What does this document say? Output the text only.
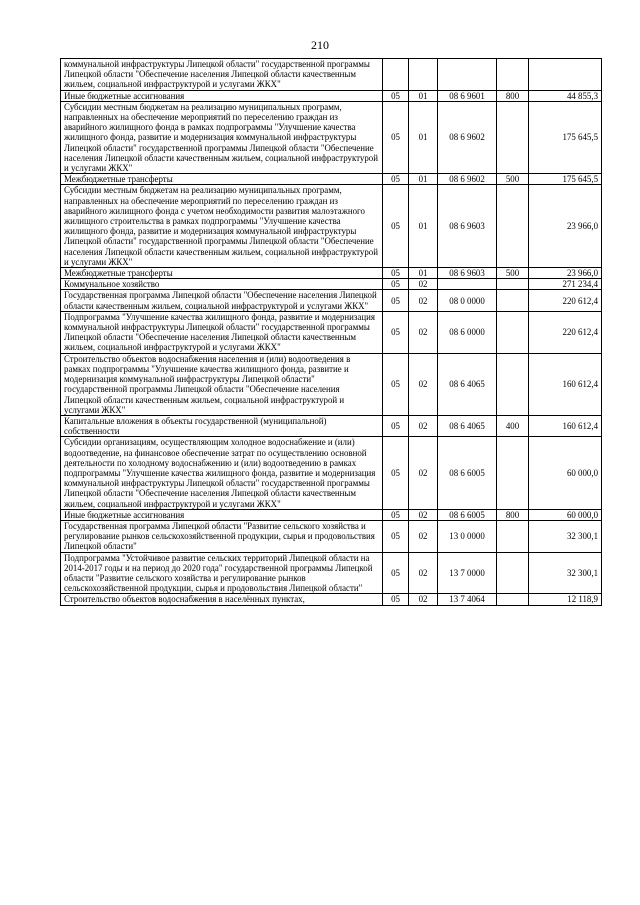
210
коммунальной инфраструктуры Липецкой области" государственной программы Липецкой области "Обеспечение населения Липецкой области качественным жильем, социальной инфраструктурой и услугами ЖКХ"					
Иные бюджетные ассигнования	05	01	08 6 9601	800	44 855,3
Субсидии местным бюджетам на реализацию муниципальных программ, направленных на обеспечение мероприятий по переселению граждан из аварийного жилищного фонда в рамках подпрограммы "Улучшение качества жилищного фонда, развитие и модернизация коммунальной инфраструктуры Липецкой области" государственной программы Липецкой области "Обеспечение населения Липецкой области качественным жильем, социальной инфраструктурой и услугами ЖКХ"	05	01	08 6 9602		175 645,5
Межбюджетные трансферты	05	01	08 6 9602	500	175 645,5
Субсидии местным бюджетам на реализацию муниципальных программ, направленных на обеспечение мероприятий по переселению граждан из аварийного жилищного фонда с учетом необходимости развития малоэтажного жилищного строительства в рамках подпрограммы "Улучшение качества жилищного фонда, развитие и модернизация коммунальной инфраструктуры Липецкой области" государственной программы Липецкой области "Обеспечение населения Липецкой области качественным жильем, социальной инфраструктурой и услугами ЖКХ"	05	01	08 6 9603		23 966,0
Межбюджетные трансферты	05	01	08 6 9603	500	23 966,0
Коммунальное хозяйство	05	02			271 234,4
Государственная программа Липецкой области "Обеспечение населения Липецкой области качественным жильем, социальной инфраструктурой и услугами ЖКХ"	05	02	08 0 0000		220 612,4
Подпрограмма "Улучшение качества жилищного фонда, развитие и модернизация коммунальной инфраструктуры Липецкой области" государственной программы Липецкой области "Обеспечение населения Липецкой области качественным жильем, социальной инфраструктурой и услугами ЖКХ"	05	02	08 6 0000		220 612,4
Строительство объектов водоснабжения населения и (или) водоотведения в рамках подпрограммы "Улучшение качества жилищного фонда, развитие и модернизация коммунальной инфраструктуры Липецкой области" государственной программы Липецкой области "Обеспечение населения Липецкой области качественным жильем, социальной инфраструктурой и услугами ЖКХ"	05	02	08 6 4065		160 612,4
Капитальные вложения в объекты государственной (муниципальной) собственности	05	02	08 6 4065	400	160 612,4
Субсидии организациям, осуществляющим холодное водоснабжение и (или) водоотведение, на финансовое обеспечение затрат по осуществлению основной деятельности по холодному водоснабжению и (или) водоотведению в рамках подпрограммы "Улучшение качества жилищного фонда, развитие и модернизация коммунальной инфраструктуры Липецкой области" государственной программы Липецкой области "Обеспечение населения Липецкой области качественным жильем, социальной инфраструктурой и услугами ЖКХ"	05	02	08 6 6005		60 000,0
Иные бюджетные ассигнования	05	02	08 6 6005	800	60 000,0
Государственная программа Липецкой области "Развитие сельского хозяйства и регулирование рынков сельскохозяйственной продукции, сырья и продовольствия Липецкой области"	05	02	13 0 0000		32 300,1
Подпрограмма "Устойчивое развитие сельских территорий Липецкой области на 2014-2017 годы и на период до 2020 года" государственной программы Липецкой области "Развитие сельского хозяйства и регулирование рынков сельскохозяйственной продукции, сырья и продовольствия Липецкой области"	05	02	13 7 0000		32 300,1
Строительство объектов водоснабжения в населённых пунктах,	05	02	13 7 4064		12 118,9
